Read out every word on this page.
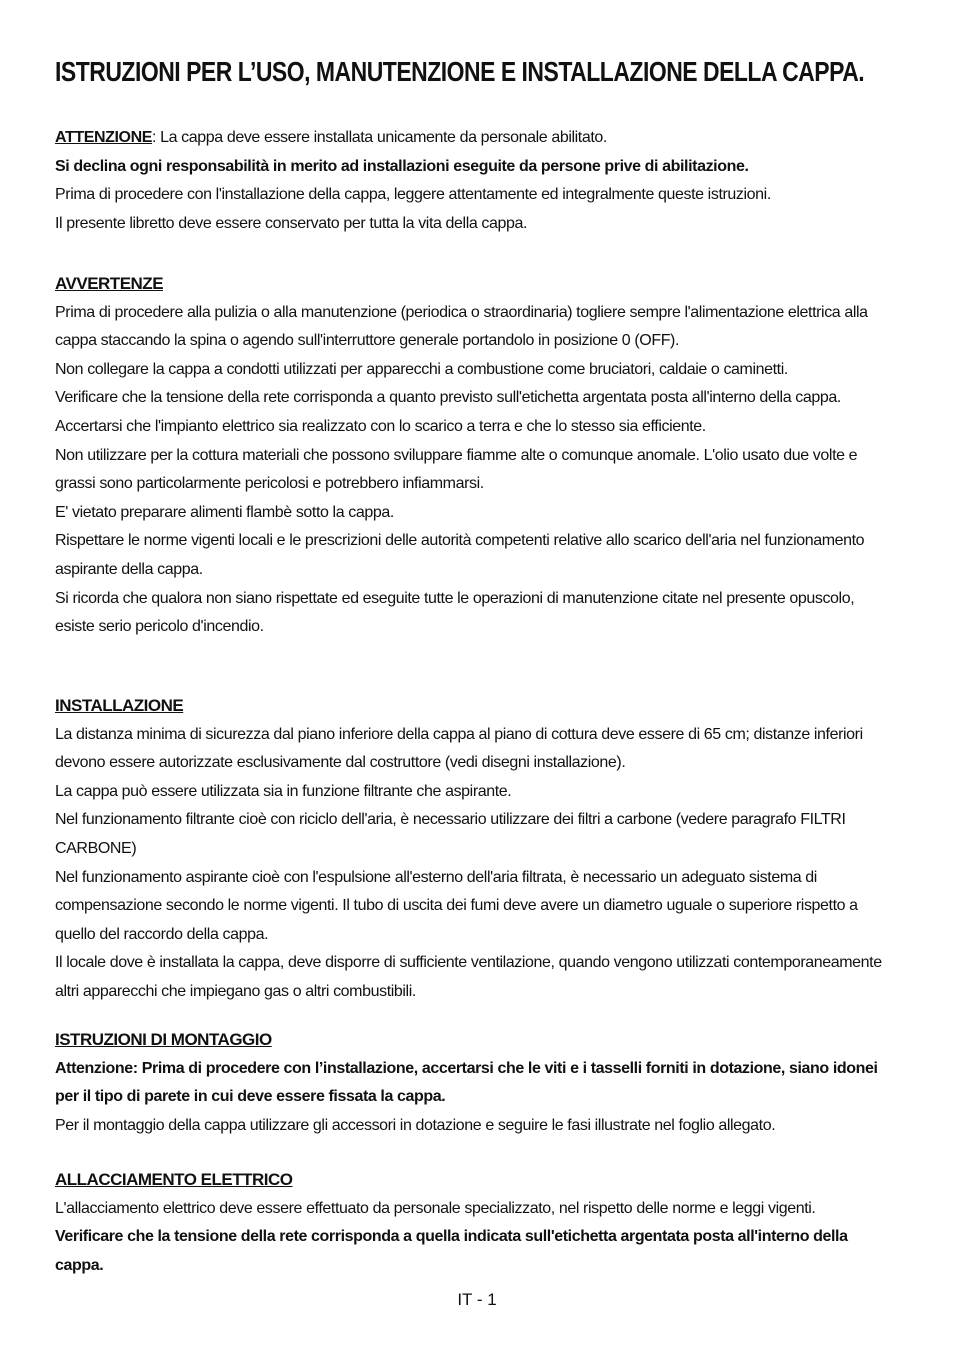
ISTRUZIONI PER L’USO, MANUTENZIONE E INSTALLAZIONE DELLA CAPPA.

ATTENZIONE: La cappa deve essere installata unicamente da personale abilitato.

Si declina ogni responsabilità in merito ad installazioni eseguite da persone prive di abilitazione.

Prima di procedere con l'installazione della cappa, leggere attentamente ed integralmente queste istruzioni.

Il presente libretto deve essere conservato per tutta la vita della cappa.

AVVERTENZE

Prima di procedere alla pulizia o alla manutenzione (periodica o straordinaria) togliere sempre l'alimentazione elettrica alla cappa staccando la spina o agendo sull'interruttore generale portandolo in posizione 0 (OFF).

Non collegare la cappa a condotti utilizzati per apparecchi a combustione come bruciatori, caldaie o caminetti.

Verificare che la tensione della rete corrisponda a quanto previsto sull'etichetta argentata posta all'interno della cappa.

Accertarsi che l'impianto elettrico sia realizzato con lo scarico a terra e che lo stesso sia efficiente.

Non utilizzare per la cottura materiali che possono sviluppare fiamme alte o comunque anomale. L'olio usato due volte e grassi sono particolarmente pericolosi e potrebbero infiammarsi.

E' vietato preparare alimenti flambè sotto la cappa.

Rispettare le norme vigenti locali e le prescrizioni delle autorità competenti relative allo scarico dell'aria nel funzionamento aspirante della cappa.

Si ricorda che qualora non siano rispettate ed eseguite tutte le operazioni di manutenzione citate nel presente opuscolo, esiste serio pericolo d'incendio.

INSTALLAZIONE

La distanza minima di sicurezza dal piano inferiore della cappa al piano di cottura deve essere di 65 cm; distanze inferiori devono essere autorizzate esclusivamente dal costruttore (vedi disegni installazione).

La cappa può essere utilizzata sia in funzione filtrante che aspirante.

Nel funzionamento filtrante cioè con riciclo dell'aria, è necessario utilizzare dei filtri a carbone (vedere paragrafo FILTRI CARBONE)

Nel funzionamento aspirante cioè con l'espulsione all'esterno dell'aria filtrata, è necessario un adeguato sistema di compensazione secondo le norme vigenti. Il tubo di uscita dei fumi deve avere un diametro uguale o superiore rispetto a quello del raccordo della cappa.

Il locale dove è installata la cappa, deve disporre di sufficiente ventilazione, quando vengono utilizzati contemporaneamente altri apparecchi che impiegano gas o altri combustibili.

ISTRUZIONI DI MONTAGGIO

Attenzione: Prima di procedere con l’installazione, accertarsi che le viti e i tasselli forniti in dotazione, siano idonei per il tipo di parete in cui deve essere fissata la cappa.

Per il montaggio della cappa utilizzare gli accessori in dotazione e seguire le fasi illustrate nel foglio allegato.

ALLACCIAMENTO ELETTRICO

L'allacciamento elettrico deve essere effettuato da personale specializzato, nel rispetto delle norme e leggi vigenti.

Verificare che la tensione della rete corrisponda a quella indicata sull'etichetta argentata posta all'interno della cappa.

IT - 1
